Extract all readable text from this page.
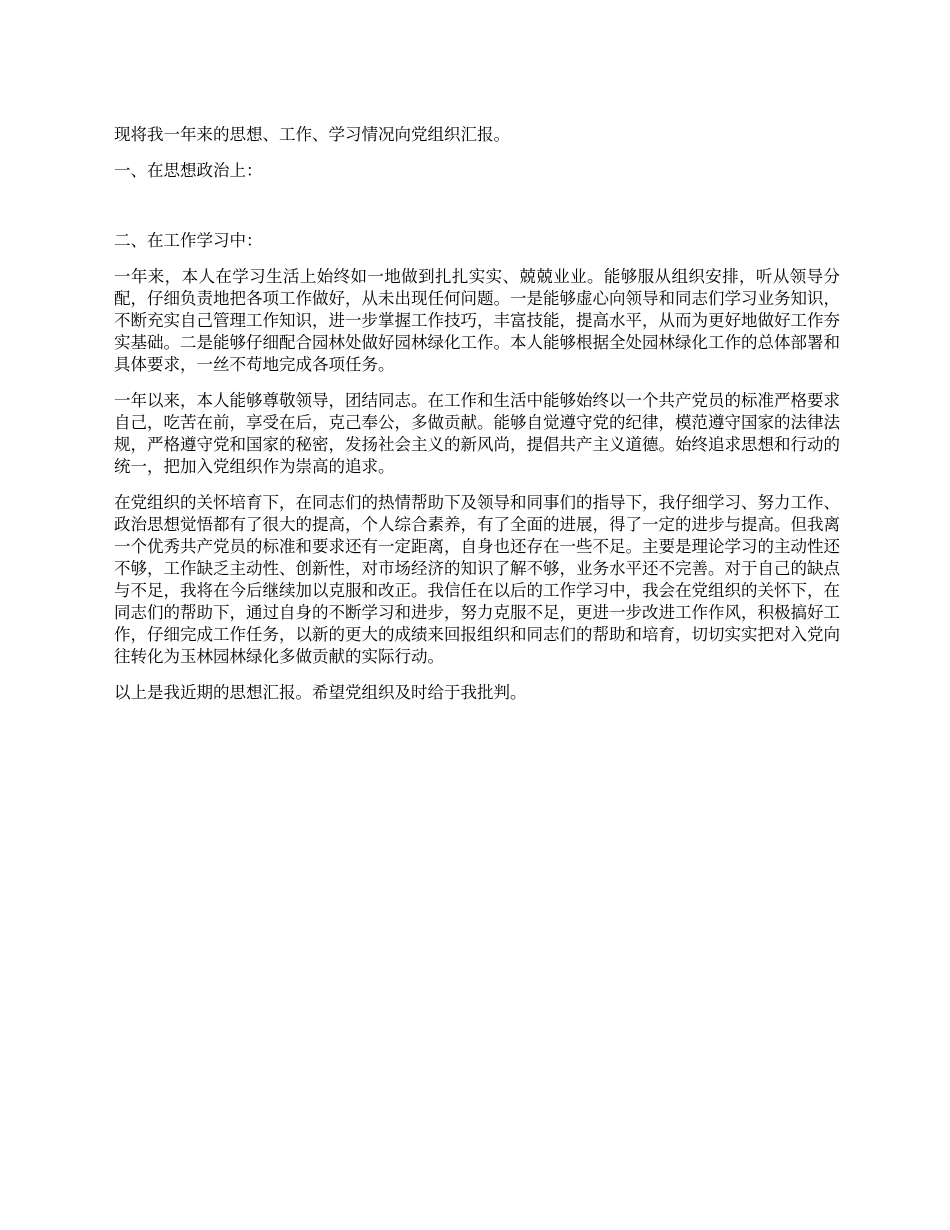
现将我一年来的思想、工作、学习情况向党组织汇报。

一、在思想政治上：

二、在工作学习中：

一年来，本人在学习生活上始终如一地做到扎扎实实、兢兢业业。能够服从组织安排，听从领导分配，仔细负责地把各项工作做好，从未出现任何问题。一是能够虚心向领导和同志们学习业务知识，不断充实自己管理工作知识，进一步掌握工作技巧，丰富技能，提高水平，从而为更好地做好工作夯实基础。二是能够仔细配合园林处做好园林绿化工作。本人能够根据全处园林绿化工作的总体部署和具体要求，一丝不苟地完成各项任务。

一年以来，本人能够尊敬领导，团结同志。在工作和生活中能够始终以一个共产党员的标准严格要求自己，吃苦在前，享受在后，克己奉公，多做贡献。能够自觉遵守党的纪律，模范遵守国家的法律法规，严格遵守党和国家的秘密，发扬社会主义的新风尚，提倡共产主义道德。始终追求思想和行动的统一，把加入党组织作为崇高的追求。

在党组织的关怀培育下，在同志们的热情帮助下及领导和同事们的指导下，我仔细学习、努力工作、政治思想觉悟都有了很大的提高，个人综合素养，有了全面的进展，得了一定的进步与提高。但我离一个优秀共产党员的标准和要求还有一定距离，自身也还存在一些不足。主要是理论学习的主动性还不够，工作缺乏主动性、创新性，对市场经济的知识了解不够，业务水平还不完善。对于自己的缺点与不足，我将在今后继续加以克服和改正。我信任在以后的工作学习中，我会在党组织的关怀下，在同志们的帮助下，通过自身的不断学习和进步，努力克服不足，更进一步改进工作作风，积极搞好工作，仔细完成工作任务，以新的更大的成绩来回报组织和同志们的帮助和培育，切切实实把对入党向往转化为玉林园林绿化多做贡献的实际行动。

以上是我近期的思想汇报。希望党组织及时给于我批判。
